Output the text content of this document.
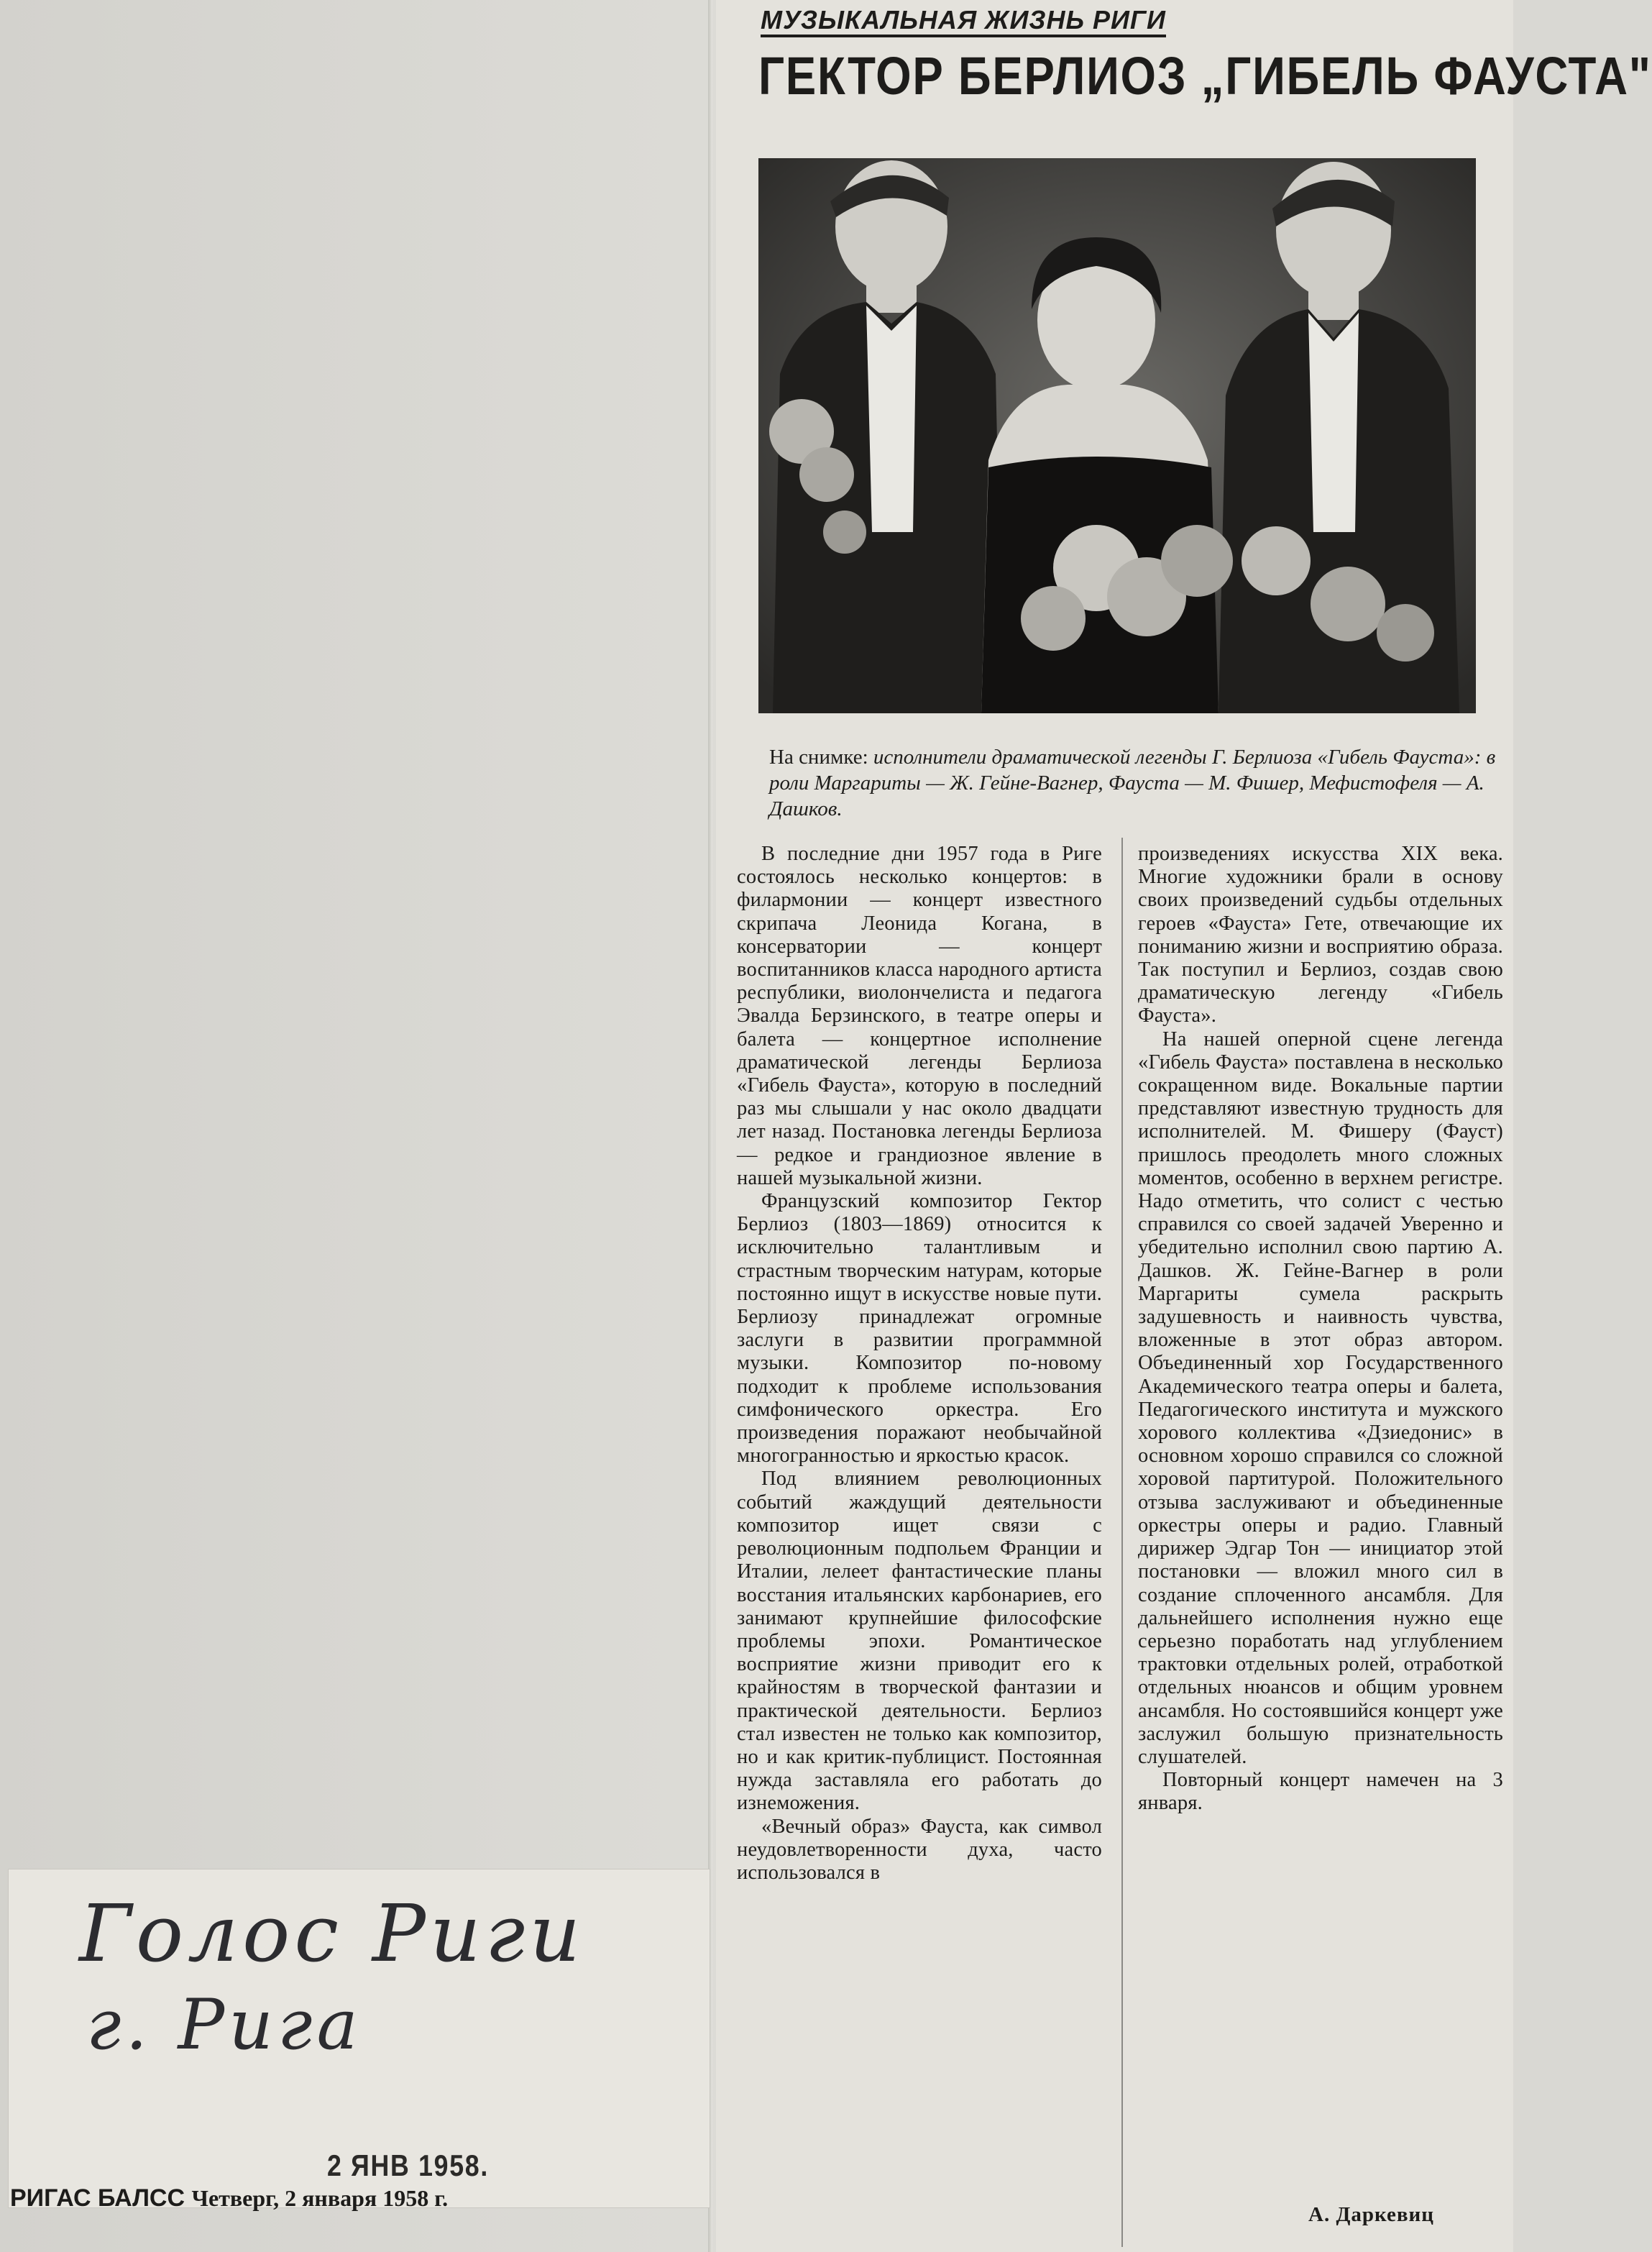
МУЗЫКАЛЬНАЯ ЖИЗНЬ РИГИ
ГЕКТОР БЕРЛИОЗ „ГИБЕЛЬ ФАУСТА"
На снимке: исполнители драматической легенды Г. Берлиоза «Гибель Фауста»: в роли Маргариты — Ж. Гейне-Вагнер, Фауста — М. Фишер, Мефистофеля — А. Дашков.

В последние дни 1957 года в Риге состоялось несколько концертов: в филармонии — концерт известного скрипача Леонида Когана, в консерватории — концерт воспитанников класса народного артиста республики, виолончелиста и педагога Эвалда Берзинского, в театре оперы и балета — концертное исполнение драматической легенды Берлиоза «Гибель Фауста», которую в последний раз мы слышали у нас около двадцати лет назад. Постановка легенды Берлиоза — редкое и грандиозное явление в нашей музыкальной жизни.

Французский композитор Гектор Берлиоз (1803—1869) относится к исключительно талантливым и страстным творческим натурам, которые постоянно ищут в искусстве новые пути. Берлиозу принадлежат огромные заслуги в развитии программной музыки. Композитор по-новому подходит к проблеме использования симфонического оркестра. Его произведения поражают необычайной многогранностью и яркостью красок.

Под влиянием революционных событий жаждущий деятельности композитор ищет связи с революционным подпольем Франции и Италии, лелеет фантастические планы восстания итальянских карбонариев, его занимают крупнейшие философские проблемы эпохи. Романтическое восприятие жизни приводит его к крайностям в творческой фантазии и практической деятельности. Берлиоз стал известен не только как композитор, но и как критик-публицист. Постоянная нужда заставляла его работать до изнеможения.

«Вечный образ» Фауста, как символ неудовлетворенности духа, часто использовался в

произведениях искусства XIX века. Многие художники брали в основу своих произведений судьбы отдельных героев «Фауста» Гете, отвечающие их пониманию жизни и восприятию образа. Так поступил и Берлиоз, создав свою драматическую легенду «Гибель Фауста».

На нашей оперной сцене легенда «Гибель Фауста» поставлена в несколько сокращенном виде. Вокальные партии представляют известную трудность для исполнителей. М. Фишеру (Фауст) пришлось преодолеть много сложных моментов, особенно в верхнем регистре. Надо отметить, что солист с честью справился со своей задачей Уверенно и убедительно исполнил свою партию А. Дашков. Ж. Гейне-Вагнер в роли Маргариты сумела раскрыть задушевность и наивность чувства, вложенные в этот образ автором. Объединенный хор Государственного Академического театра оперы и балета, Педагогического института и мужского хорового коллектива «Дзиедонис» в основном хорошо справился со сложной хоровой партитурой. Положительного отзыва заслуживают и объединенные оркестры оперы и радио. Главный дирижер Эдгар Тон — инициатор этой постановки — вложил много сил в создание сплоченного ансамбля. Для дальнейшего исполнения нужно еще серьезно поработать над углублением трактовки отдельных ролей, отработкой отдельных нюансов и общим уровнем ансамбля. Но состоявшийся концерт уже заслужил большую признательность слушателей.

Повторный концерт намечен на 3 января.

А. Даркевиц
Голос Риги
г. Рига
2 ЯНВ 1958.
РИГАС БАЛСС Четверг, 2 января 1958 г.
